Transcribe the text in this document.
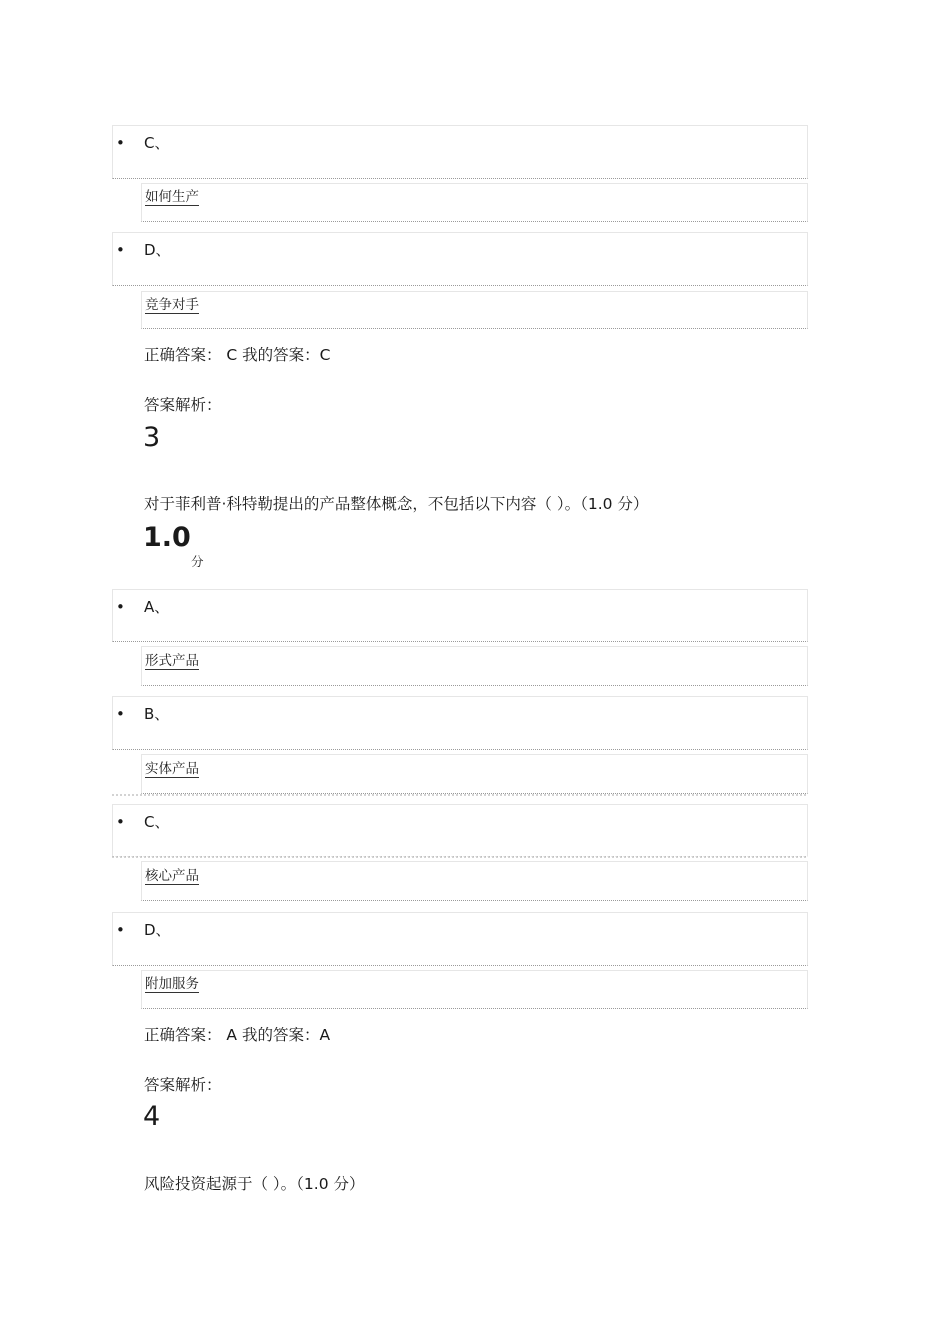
• C、
如何生产
• D、
竞争对手
正确答案： C 我的答案：C
答案解析：
3
对于菲利普·科特勒提出的产品整体概念，不包括以下内容（ ）。（1.0 分）
1.0
分
• A、
形式产品
• B、
实体产品
• C、
核心产品
• D、
附加服务
正确答案： A 我的答案：A
答案解析：
4
风险投资起源于（ ）。（1.0 分）
